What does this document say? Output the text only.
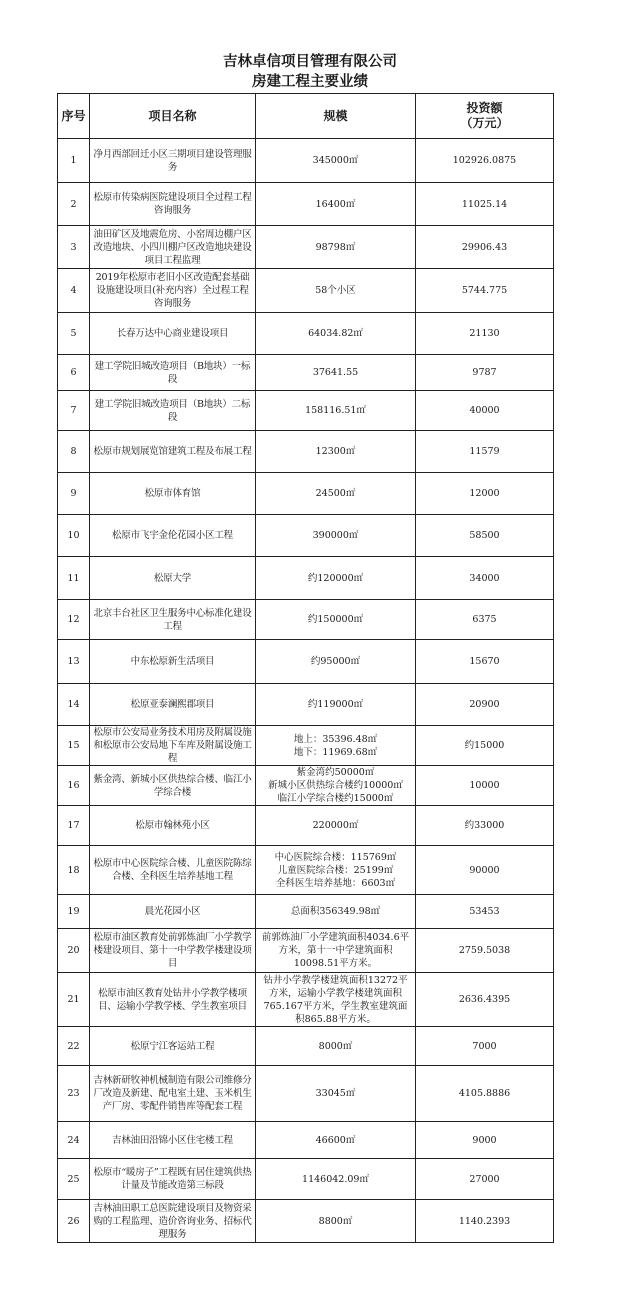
吉林卓信项目管理有限公司
房建工程主要业绩
序号	项目名称	规模	投资额
（万元）
1	净月西部回迁小区三期项目建设管理服务	345000㎡	102926.0875
2	松原市传染病医院建设项目全过程工程咨询服务	16400㎡	11025.14
3	油田矿区及地震危房、小窑周边棚户区改造地块、小四川棚户区改造地块建设项目工程监理	98798㎡	29906.43
4	2019年松原市老旧小区改造配套基础设施建设项目(补充内容）全过程工程咨询服务	58个小区	5744.775
5	长春万达中心商业建设项目	64034.82㎡	21130
6	建工学院旧城改造项目（B地块）一标段	37641.55	9787
7	建工学院旧城改造项目（B地块）二标段	158116.51㎡	40000
8	松原市规划展览馆建筑工程及布展工程	12300㎡	11579
9	松原市体育馆	24500㎡	12000
10	松原市飞宇金伦花园小区工程	390000㎡	58500
11	松原大学	约120000㎡	34000
12	北京丰台社区卫生服务中心标准化建设工程	约150000㎡	6375
13	中东松原新生活项目	约95000㎡	15670
14	松原亚泰澜熙郡项目	约119000㎡	20900
15	松原市公安局业务技术用房及附属设施和松原市公安局地下车库及附属设施工程	地上：35396.48㎡
地下：11969.68㎡	约15000
16	紫金湾、新城小区供热综合楼、临江小学综合楼	紫金湾约50000㎡
新城小区供热综合楼约10000㎡
临江小学综合楼约15000㎡	10000
17	松原市翰林苑小区	220000㎡	约33000
18	松原市中心医院综合楼、儿童医院陈综合楼、全科医生培养基地工程	中心医院综合楼：115769㎡
儿童医院综合楼：25199㎡
全科医生培养基地：6603㎡	90000
19	晨光花园小区	总面积356349.98㎡	53453
20	松原市油区教育处前郭炼油厂小学教学楼建设项目、第十一中学教学楼建设项目	前郭炼油厂小学建筑面积4034.6平方米，第十一中学建筑面积10098.51平方米。	2759.5038
21	松原市油区教育处钻井小学教学楼项目、运输小学教学楼、学生教室项目	钻井小学教学楼建筑面积13272平方米，运输小学教学楼建筑面积765.167平方米，学生教室建筑面积865.88平方米。	2636.4395
22	松原宁江客运站工程	8000㎡	7000
23	吉林新研牧神机械制造有限公司维修分厂改造及新建、配电室土建、玉米机生产厂房、零配件销售库等配套工程	33045㎡	4105.8886
24	吉林油田沿锦小区住宅楼工程	46600㎡	9000
25	松原市“暖房子”工程既有居住建筑供热计量及节能改造第三标段	1146042.09㎡	27000
26	吉林油田职工总医院建设项目及物资采购的工程监理、造价咨询业务、招标代理服务	8800㎡	1140.2393
